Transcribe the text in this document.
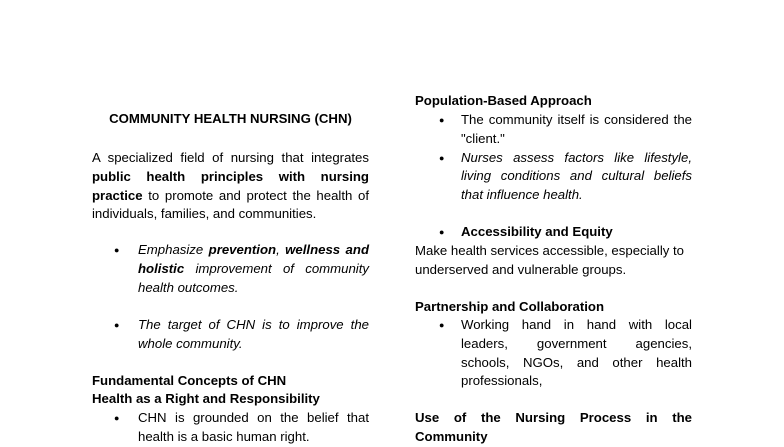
COMMUNITY HEALTH NURSING (CHN)
A specialized field of nursing that integrates public health principles with nursing practice to promote and protect the health of individuals, families, and communities.
● Emphasize prevention, wellness and holistic improvement of community health outcomes.
● The target of CHN is to improve the whole community.
Fundamental Concepts of CHN
Health as a Right and Responsibility
● CHN is grounded on the belief that health is a basic human right.
Population-Based Approach
● The community itself is considered the "client."
● Nurses assess factors like lifestyle, living conditions and cultural beliefs that influence health.
● Accessibility and Equity
Make health services accessible, especially to underserved and vulnerable groups.
Partnership and Collaboration
● Working hand in hand with local leaders, government agencies, schools, NGOs, and other health professionals,
Use of the Nursing Process in the
Community
